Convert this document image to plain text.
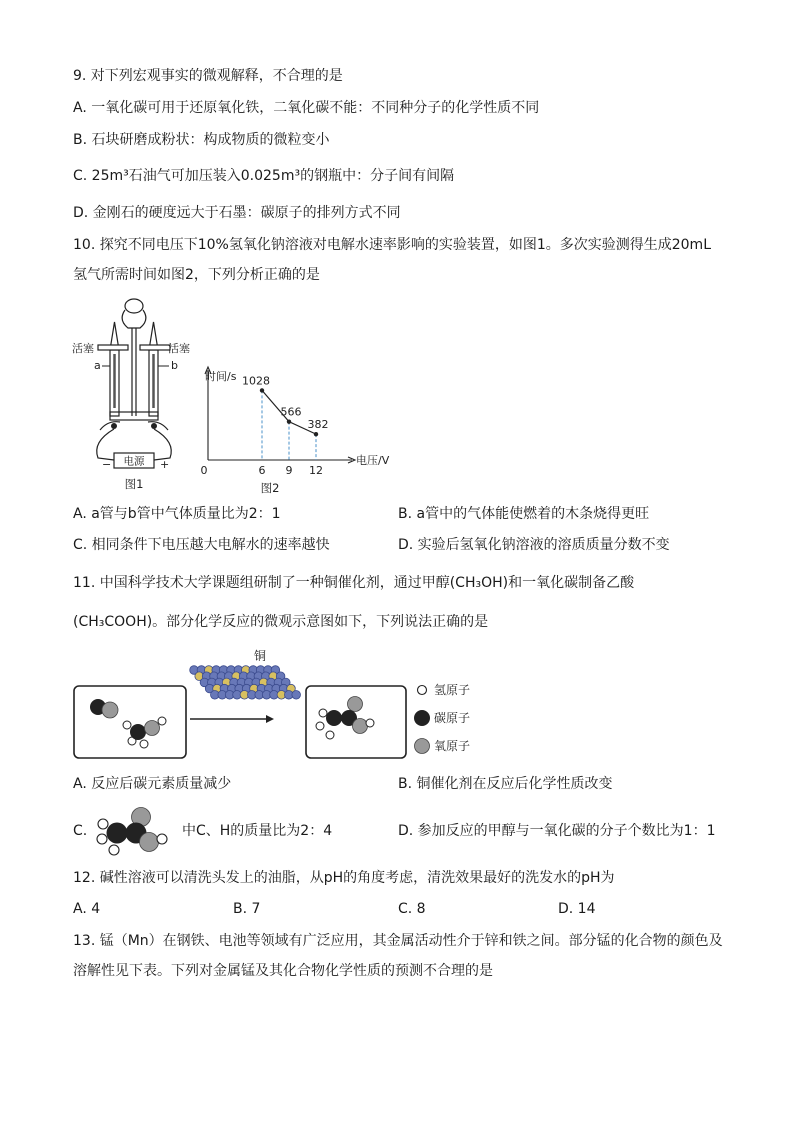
9. 对下列宏观事实的微观解释，不合理的是
A. 一氧化碳可用于还原氧化铁，二氧化碳不能：不同种分子的化学性质不同
B. 石块研磨成粉状：构成物质的微粒变小
C. 25m³石油气可加压装入0.025m³的钢瓶中：分子间有间隔
D. 金刚石的硬度远大于石墨：碳原子的排列方式不同
10. 探究不同电压下10%氢氧化钠溶液对电解水速率影响的实验装置，如图1。多次实验测得生成20mL
氢气所需时间如图2，下列分析正确的是
活塞	活塞
a	b
电源
−	+
图1
时间/s
电压/V
0
图2
1028
6
566
9
382
12
A. a管与b管中气体质量比为2：1	B. a管中的气体能使燃着的木条烧得更旺
C. 相同条件下电压越大电解水的速率越快	D. 实验后氢氧化钠溶液的溶质质量分数不变
11. 中国科学技术大学课题组研制了一种铜催化剂，通过甲醇(CH₃OH)和一氧化碳制备乙酸
(CH₃COOH)。部分化学反应的微观示意图如下，下列说法正确的是
铜
氢原子
碳原子
氧原子
A. 反应后碳元素质量减少	B. 铜催化剂在反应后化学性质改变
C.	中C、H的质量比为2：4	D. 参加反应的甲醇与一氧化碳的分子个数比为1：1
12. 碱性溶液可以清洗头发上的油脂，从pH的角度考虑，清洗效果最好的洗发水的pH为
A. 4	B. 7	C. 8	D. 14
13. 锰（Mn）在钢铁、电池等领域有广泛应用，其金属活动性介于锌和铁之间。部分锰的化合物的颜色及
溶解性见下表。下列对金属锰及其化合物化学性质的预测不合理的是
